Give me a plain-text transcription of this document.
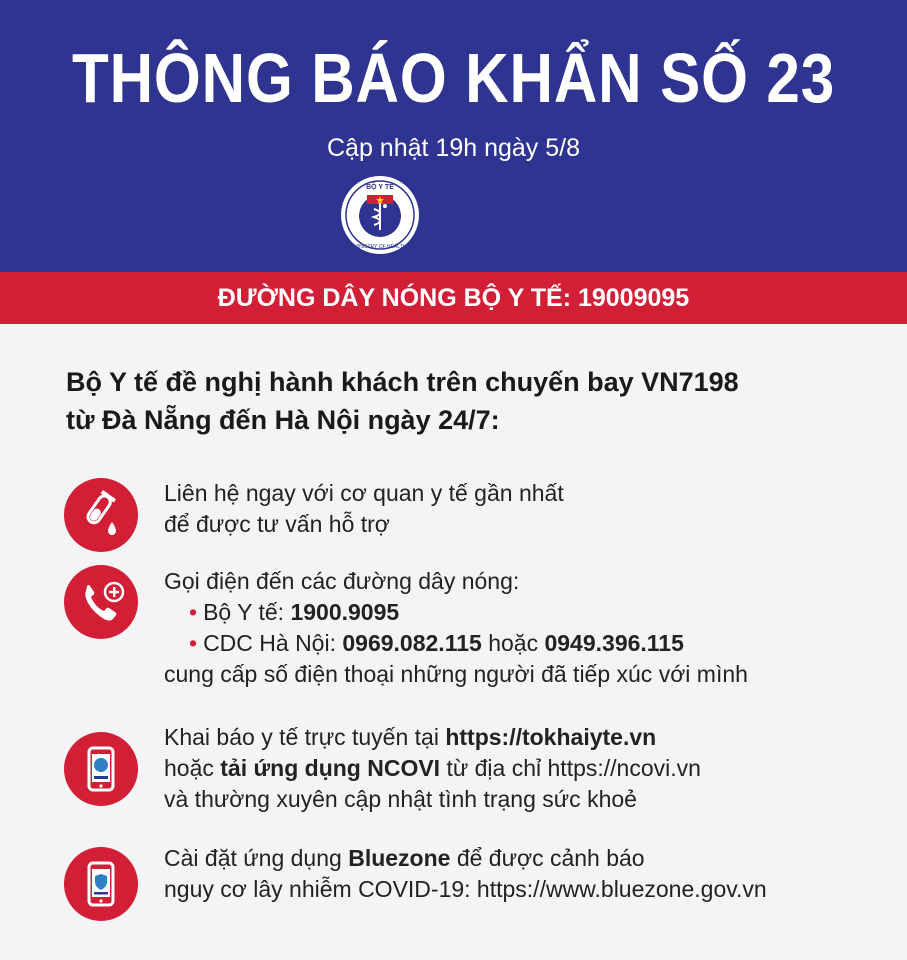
THÔNG BÁO KHẨN SỐ 23
Cập nhật 19h ngày 5/8
BỘ Y TẾ
MINISTRY OF HEALTH
ĐƯỜNG DÂY NÓNG BỘ Y TẾ: 19009095
Bộ Y tế đề nghị hành khách trên chuyến bay VN7198
từ Đà Nẵng đến Hà Nội ngày 24/7:
Liên hệ ngay với cơ quan y tế gần nhất
để được tư vấn hỗ trợ
Gọi điện đến các đường dây nóng:
• Bộ Y tế: 1900.9095
• CDC Hà Nội: 0969.082.115 hoặc 0949.396.115
cung cấp số điện thoại những người đã tiếp xúc với mình
Khai báo y tế trực tuyến tại https://tokhaiyte.vn
hoặc tải ứng dụng NCOVI từ địa chỉ https://ncovi.vn
và thường xuyên cập nhật tình trạng sức khoẻ
Cài đặt ứng dụng Bluezone để được cảnh báo
nguy cơ lây nhiễm COVID-19: https://www.bluezone.gov.vn
